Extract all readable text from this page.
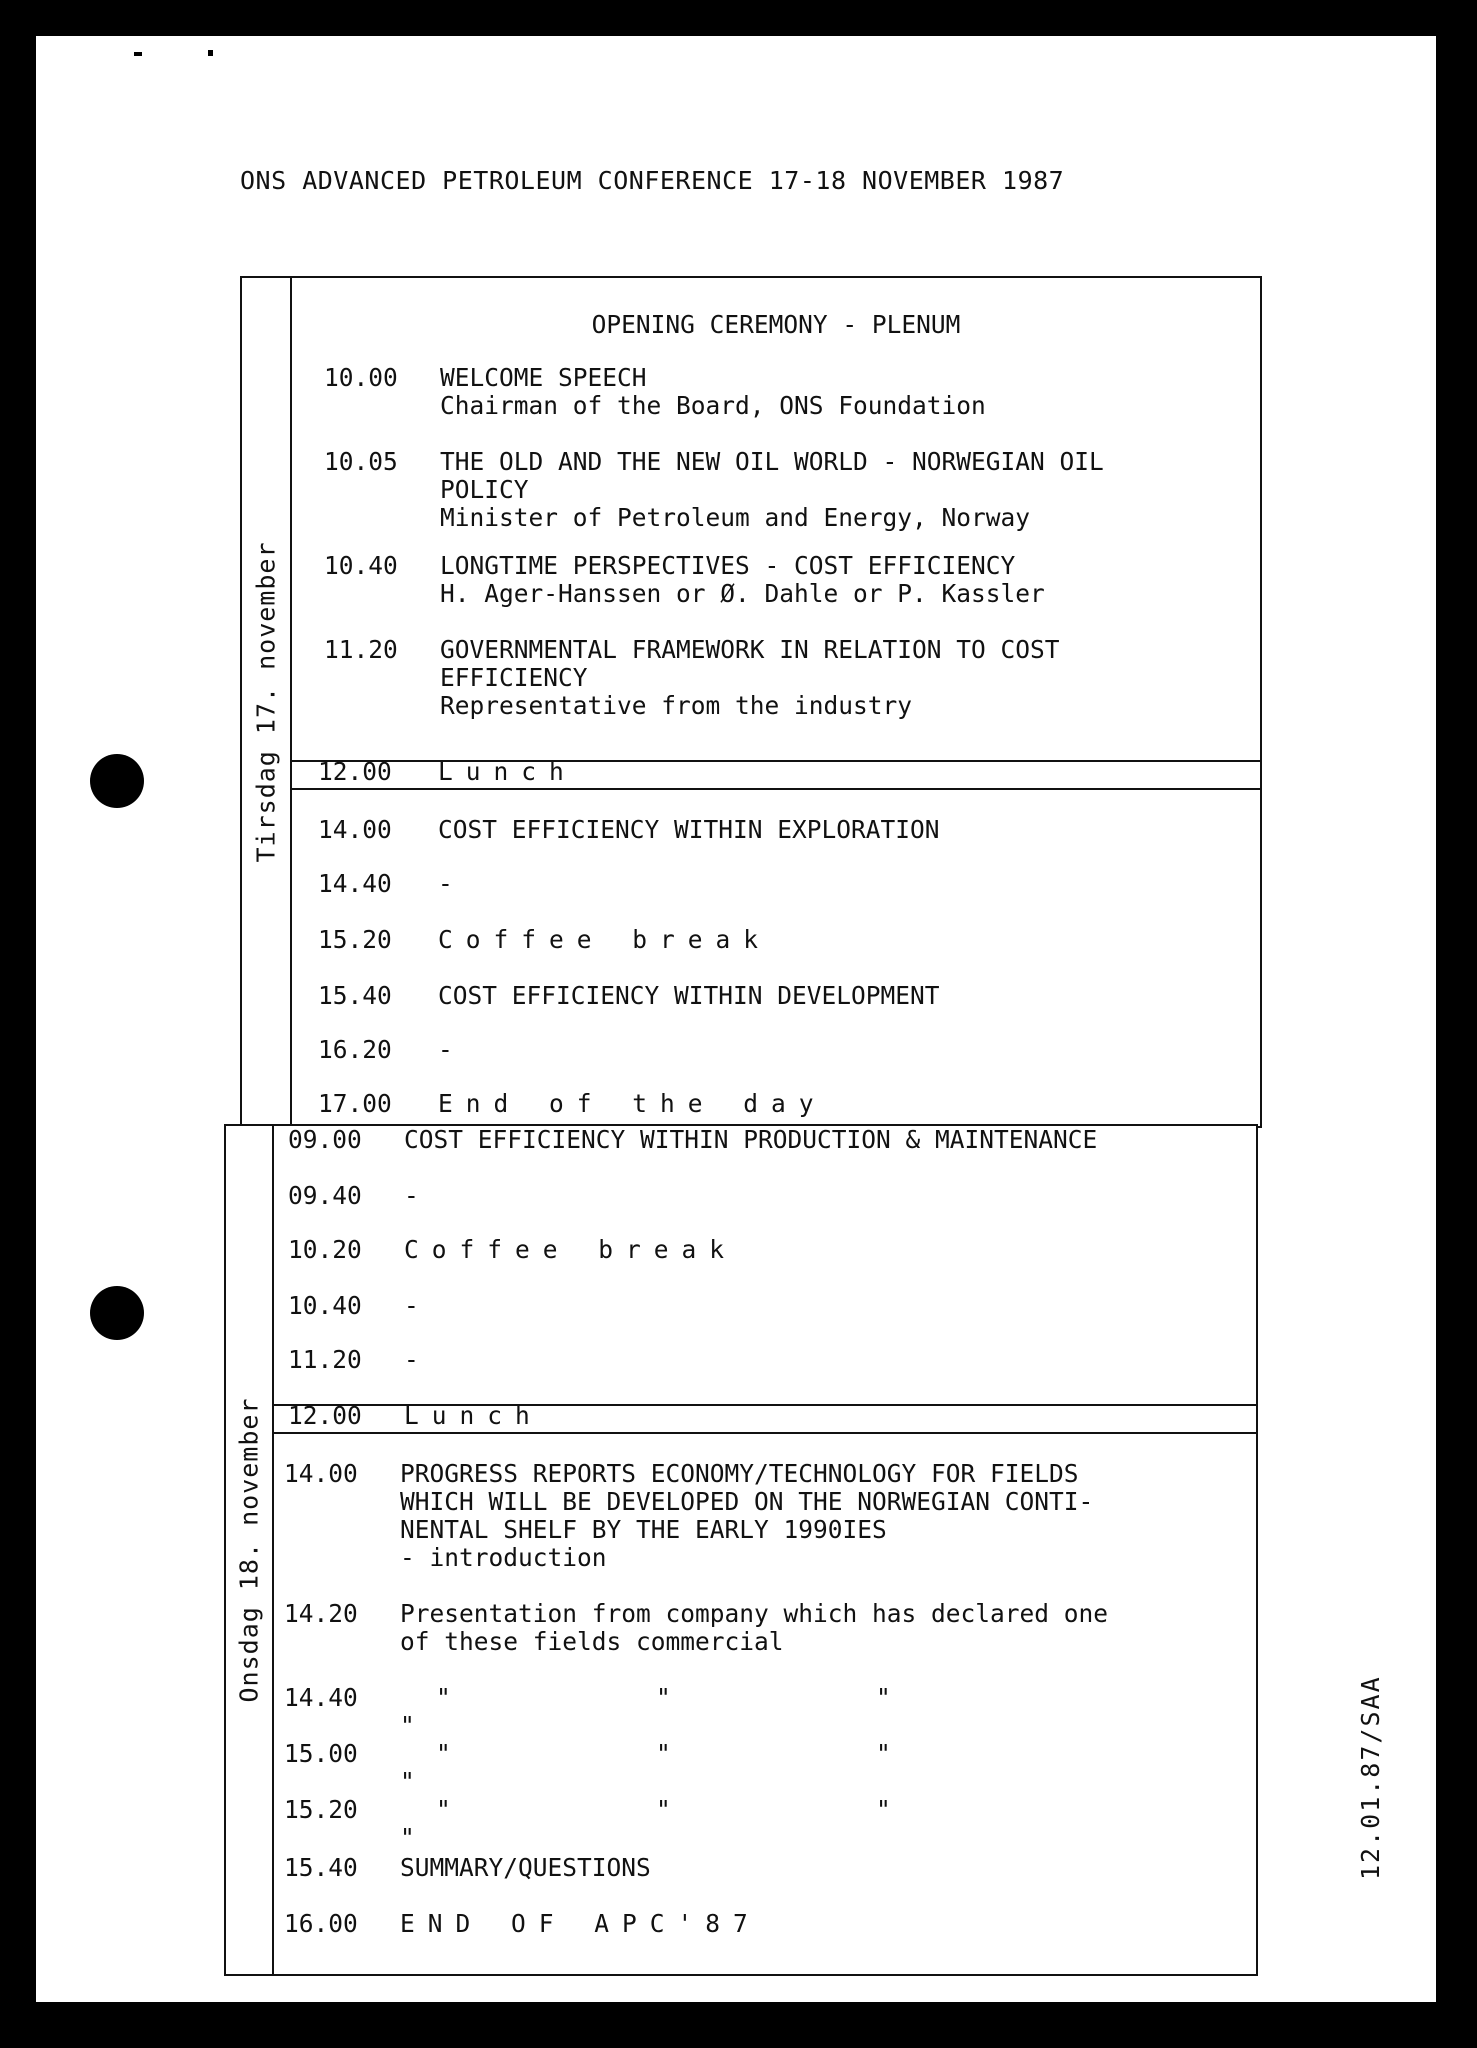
ONS ADVANCED PETROLEUM CONFERENCE 17-18 NOVEMBER 1987
Tirsdag 17. november
OPENING CEREMONY - PLENUM
10.00 WELCOME SPEECH
Chairman of the Board, ONS Foundation
10.05 THE OLD AND THE NEW OIL WORLD - NORWEGIAN OIL
POLICY
Minister of Petroleum and Energy, Norway
10.40 LONGTIME PERSPECTIVES - COST EFFICIENCY
H. Ager-Hanssen or Ø. Dahle or P. Kassler
11.20 GOVERNMENTAL FRAMEWORK IN RELATION TO COST
EFFICIENCY
Representative from the industry
12.00 Lunch
14.00 COST EFFICIENCY WITHIN EXPLORATION
14.40 -
15.20 Coffee break
15.40 COST EFFICIENCY WITHIN DEVELOPMENT
16.20 -
17.00 End of the day
Onsdag 18. november
09.00 COST EFFICIENCY WITHIN PRODUCTION & MAINTENANCE
09.40 -
10.20 Coffee break
10.40 -
11.20 -
12.00 Lunch
14.00 PROGRESS REPORTS ECONOMY/TECHNOLOGY FOR FIELDS
WHICH WILL BE DEVELOPED ON THE NORWEGIAN CONTI-
NENTAL SHELF BY THE EARLY 1990IES
- introduction
14.20 Presentation from company which has declared one
of these fields commercial
14.40	"	"	""
15.00	"	"	""
15.20	"	"	""
15.40 SUMMARY/QUESTIONS
16.00 END OF APC'87
12.01.87/SAA
